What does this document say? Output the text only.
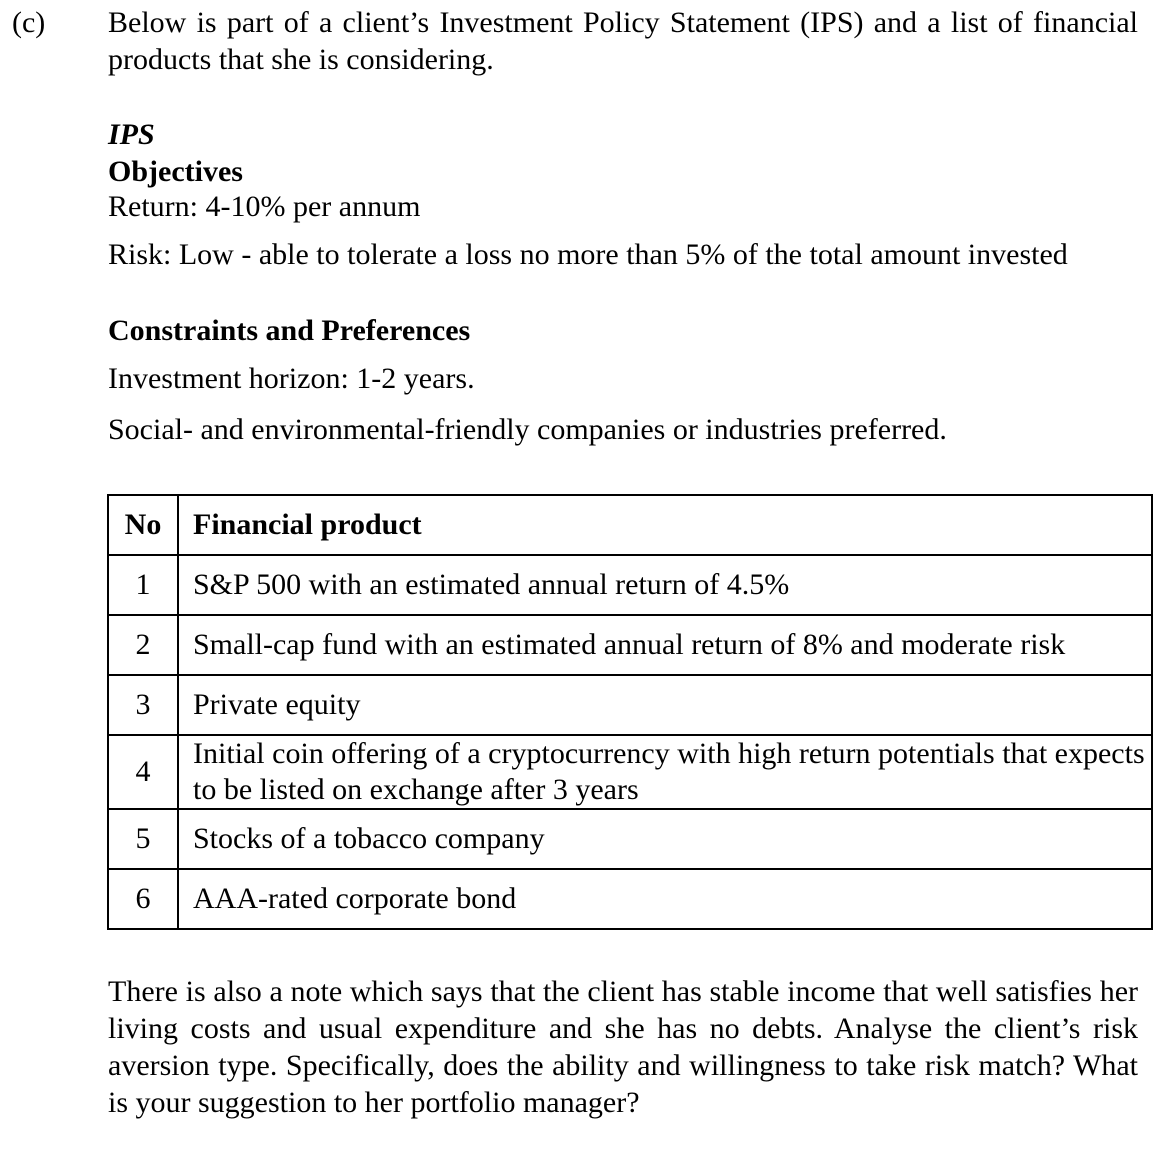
(c) Below is part of a client’s Investment Policy Statement (IPS) and a list of financial products that she is considering.
IPS
Objectives
Return: 4-10% per annum
Risk: Low - able to tolerate a loss no more than 5% of the total amount invested
Constraints and Preferences
Investment horizon: 1-2 years.
Social- and environmental-friendly companies or industries preferred.
No	Financial product
1	S&P 500 with an estimated annual return of 4.5%
2	Small-cap fund with an estimated annual return of 8% and moderate risk
3	Private equity
4	Initial coin offering of a cryptocurrency with high return potentials that expects to be listed on exchange after 3 years
5	Stocks of a tobacco company
6	AAA-rated corporate bond
There is also a note which says that the client has stable income that well satisfies her living costs and usual expenditure and she has no debts. Analyse the client’s risk aversion type. Specifically, does the ability and willingness to take risk match? What is your suggestion to her portfolio manager?
